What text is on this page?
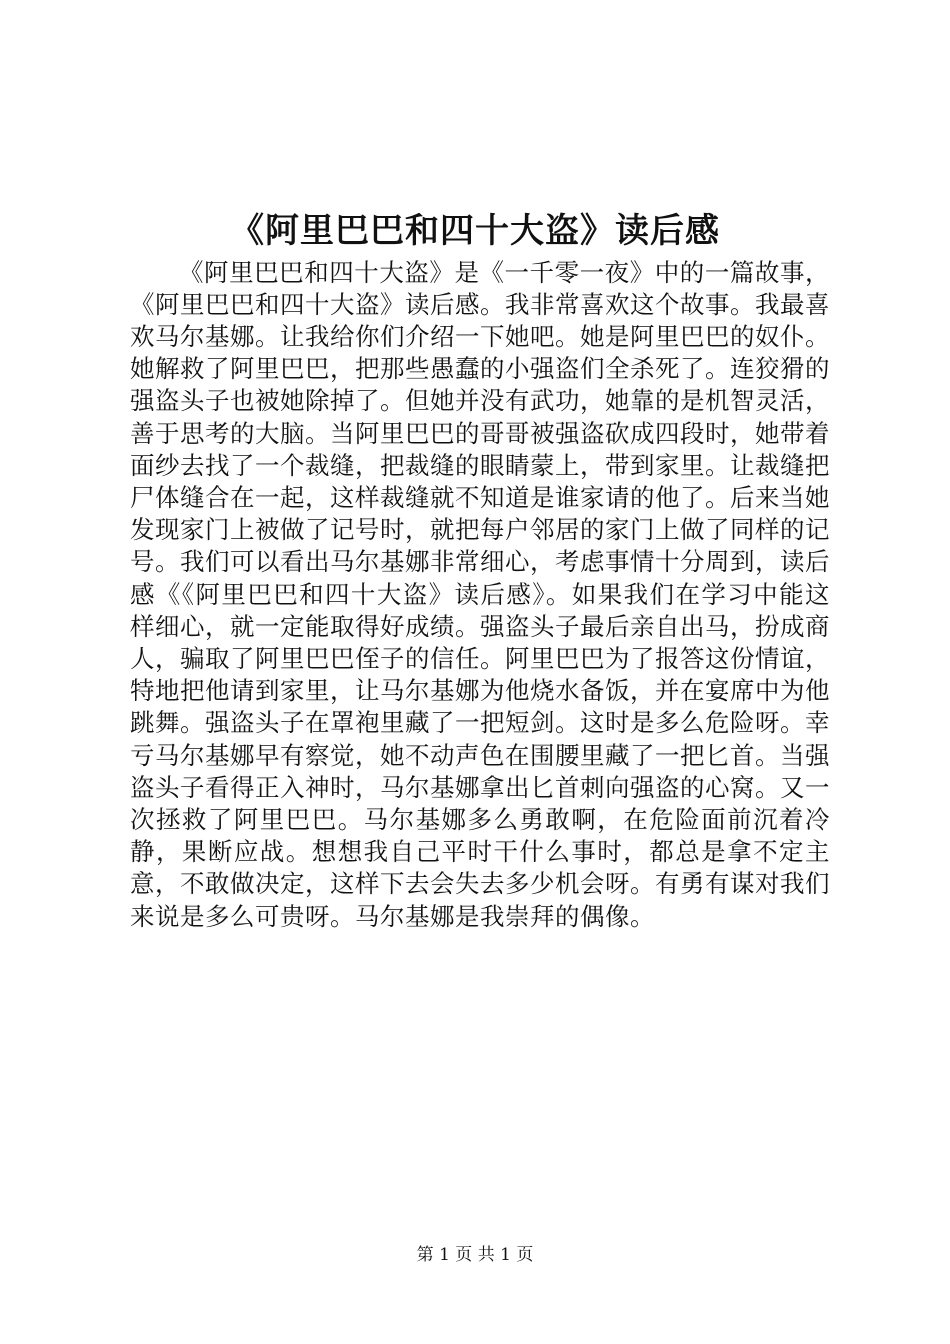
《阿里巴巴和四十大盗》读后感

《阿里巴巴和四十大盗》是《一千零一夜》中的一篇故事，《阿里巴巴和四十大盗》读后感。我非常喜欢这个故事。我最喜欢马尔基娜。让我给你们介绍一下她吧。她是阿里巴巴的奴仆。她解救了阿里巴巴，把那些愚蠢的小强盗们全杀死了。连狡猾的强盗头子也被她除掉了。但她并没有武功，她靠的是机智灵活，善于思考的大脑。当阿里巴巴的哥哥被强盗砍成四段时，她带着面纱去找了一个裁缝，把裁缝的眼睛蒙上，带到家里。让裁缝把尸体缝合在一起，这样裁缝就不知道是谁家请的他了。后来当她发现家门上被做了记号时，就把每户邻居的家门上做了同样的记号。我们可以看出马尔基娜非常细心，考虑事情十分周到，读后感《《阿里巴巴和四十大盗》读后感》。如果我们在学习中能这样细心，就一定能取得好成绩。强盗头子最后亲自出马，扮成商人，骗取了阿里巴巴侄子的信任。阿里巴巴为了报答这份情谊，特地把他请到家里，让马尔基娜为他烧水备饭，并在宴席中为他跳舞。强盗头子在罩袍里藏了一把短剑。这时是多么危险呀。幸亏马尔基娜早有察觉，她不动声色在围腰里藏了一把匕首。当强盗头子看得正入神时，马尔基娜拿出匕首刺向强盗的心窝。又一次拯救了阿里巴巴。马尔基娜多么勇敢啊，在危险面前沉着冷静，果断应战。想想我自己平时干什么事时，都总是拿不定主意，不敢做决定，这样下去会失去多少机会呀。有勇有谋对我们来说是多么可贵呀。马尔基娜是我崇拜的偶像。

第 1 页 共 1 页
